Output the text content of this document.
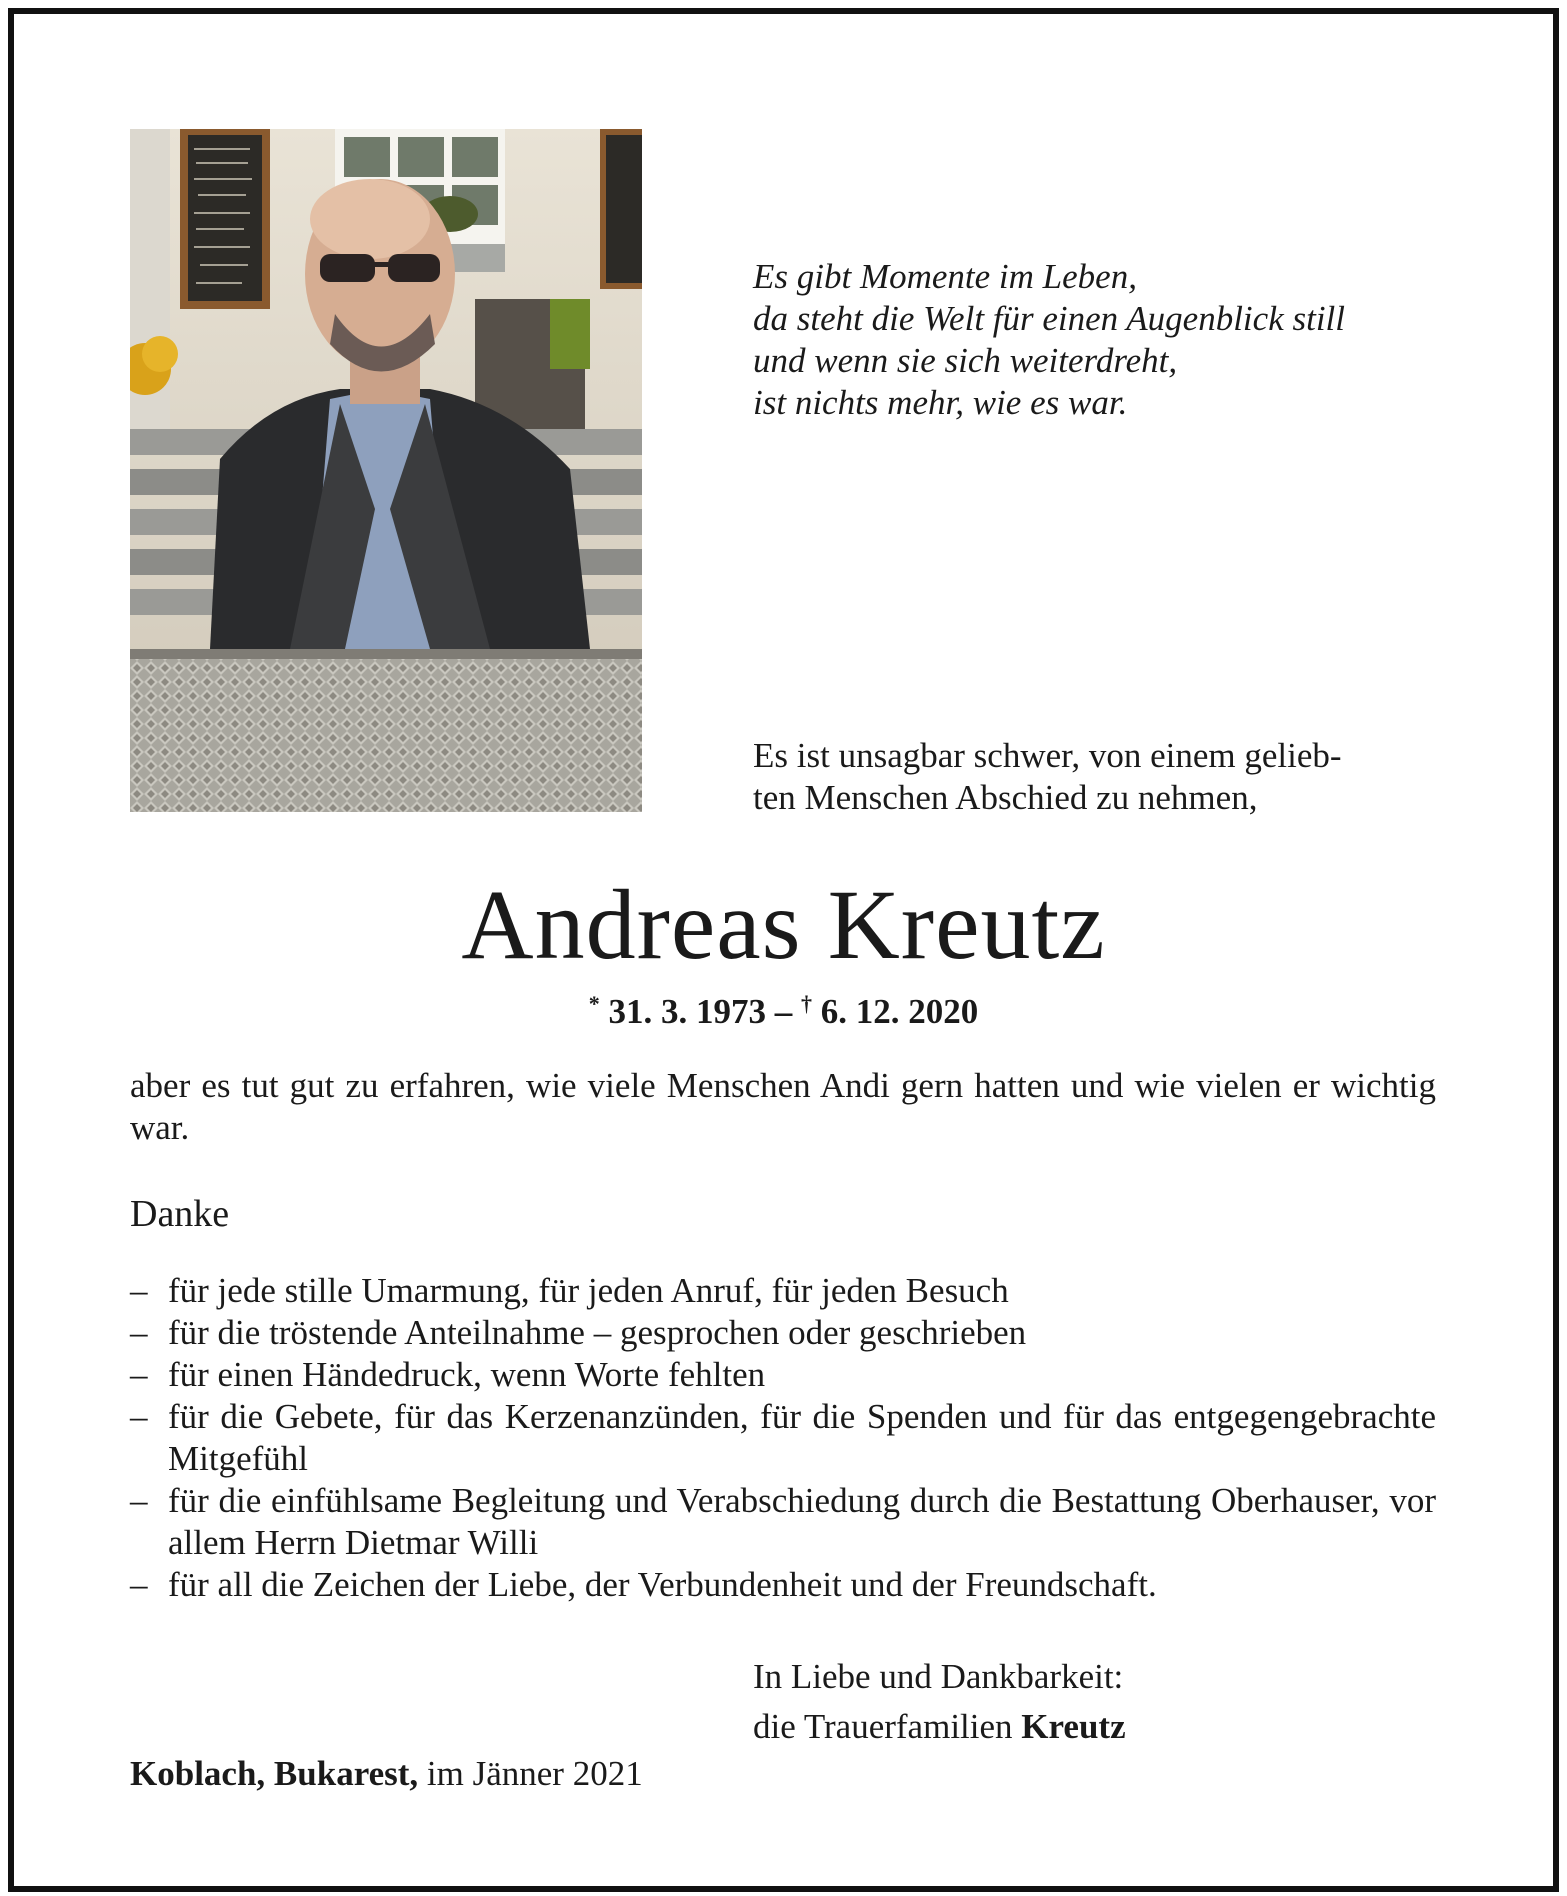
Es gibt Momente im Leben,
da steht die Welt für einen Augenblick still
und wenn sie sich weiterdreht,
ist nichts mehr, wie es war.
Es ist unsagbar schwer, von einem gelieb-
ten Menschen Abschied zu nehmen,
Andreas Kreutz
* 31. 3. 1973 – † 6. 12. 2020
aber es tut gut zu erfahren, wie viele Menschen Andi gern hatten und wie vielen er wichtig war.
Danke
– für jede stille Umarmung, für jeden Anruf, für jeden Besuch
– für die tröstende Anteilnahme – gesprochen oder geschrieben
– für einen Händedruck, wenn Worte fehlten
– für die Gebete, für das Kerzenanzünden, für die Spenden und für das entgegengebrachte Mitgefühl
– für die einfühlsame Begleitung und Verabschiedung durch die Bestattung Oberhauser, vor allem Herrn Dietmar Willi
– für all die Zeichen der Liebe, der Verbundenheit und der Freundschaft.
In Liebe und Dankbarkeit:
die Trauerfamilien Kreutz
Koblach, Bukarest, im Jänner 2021
